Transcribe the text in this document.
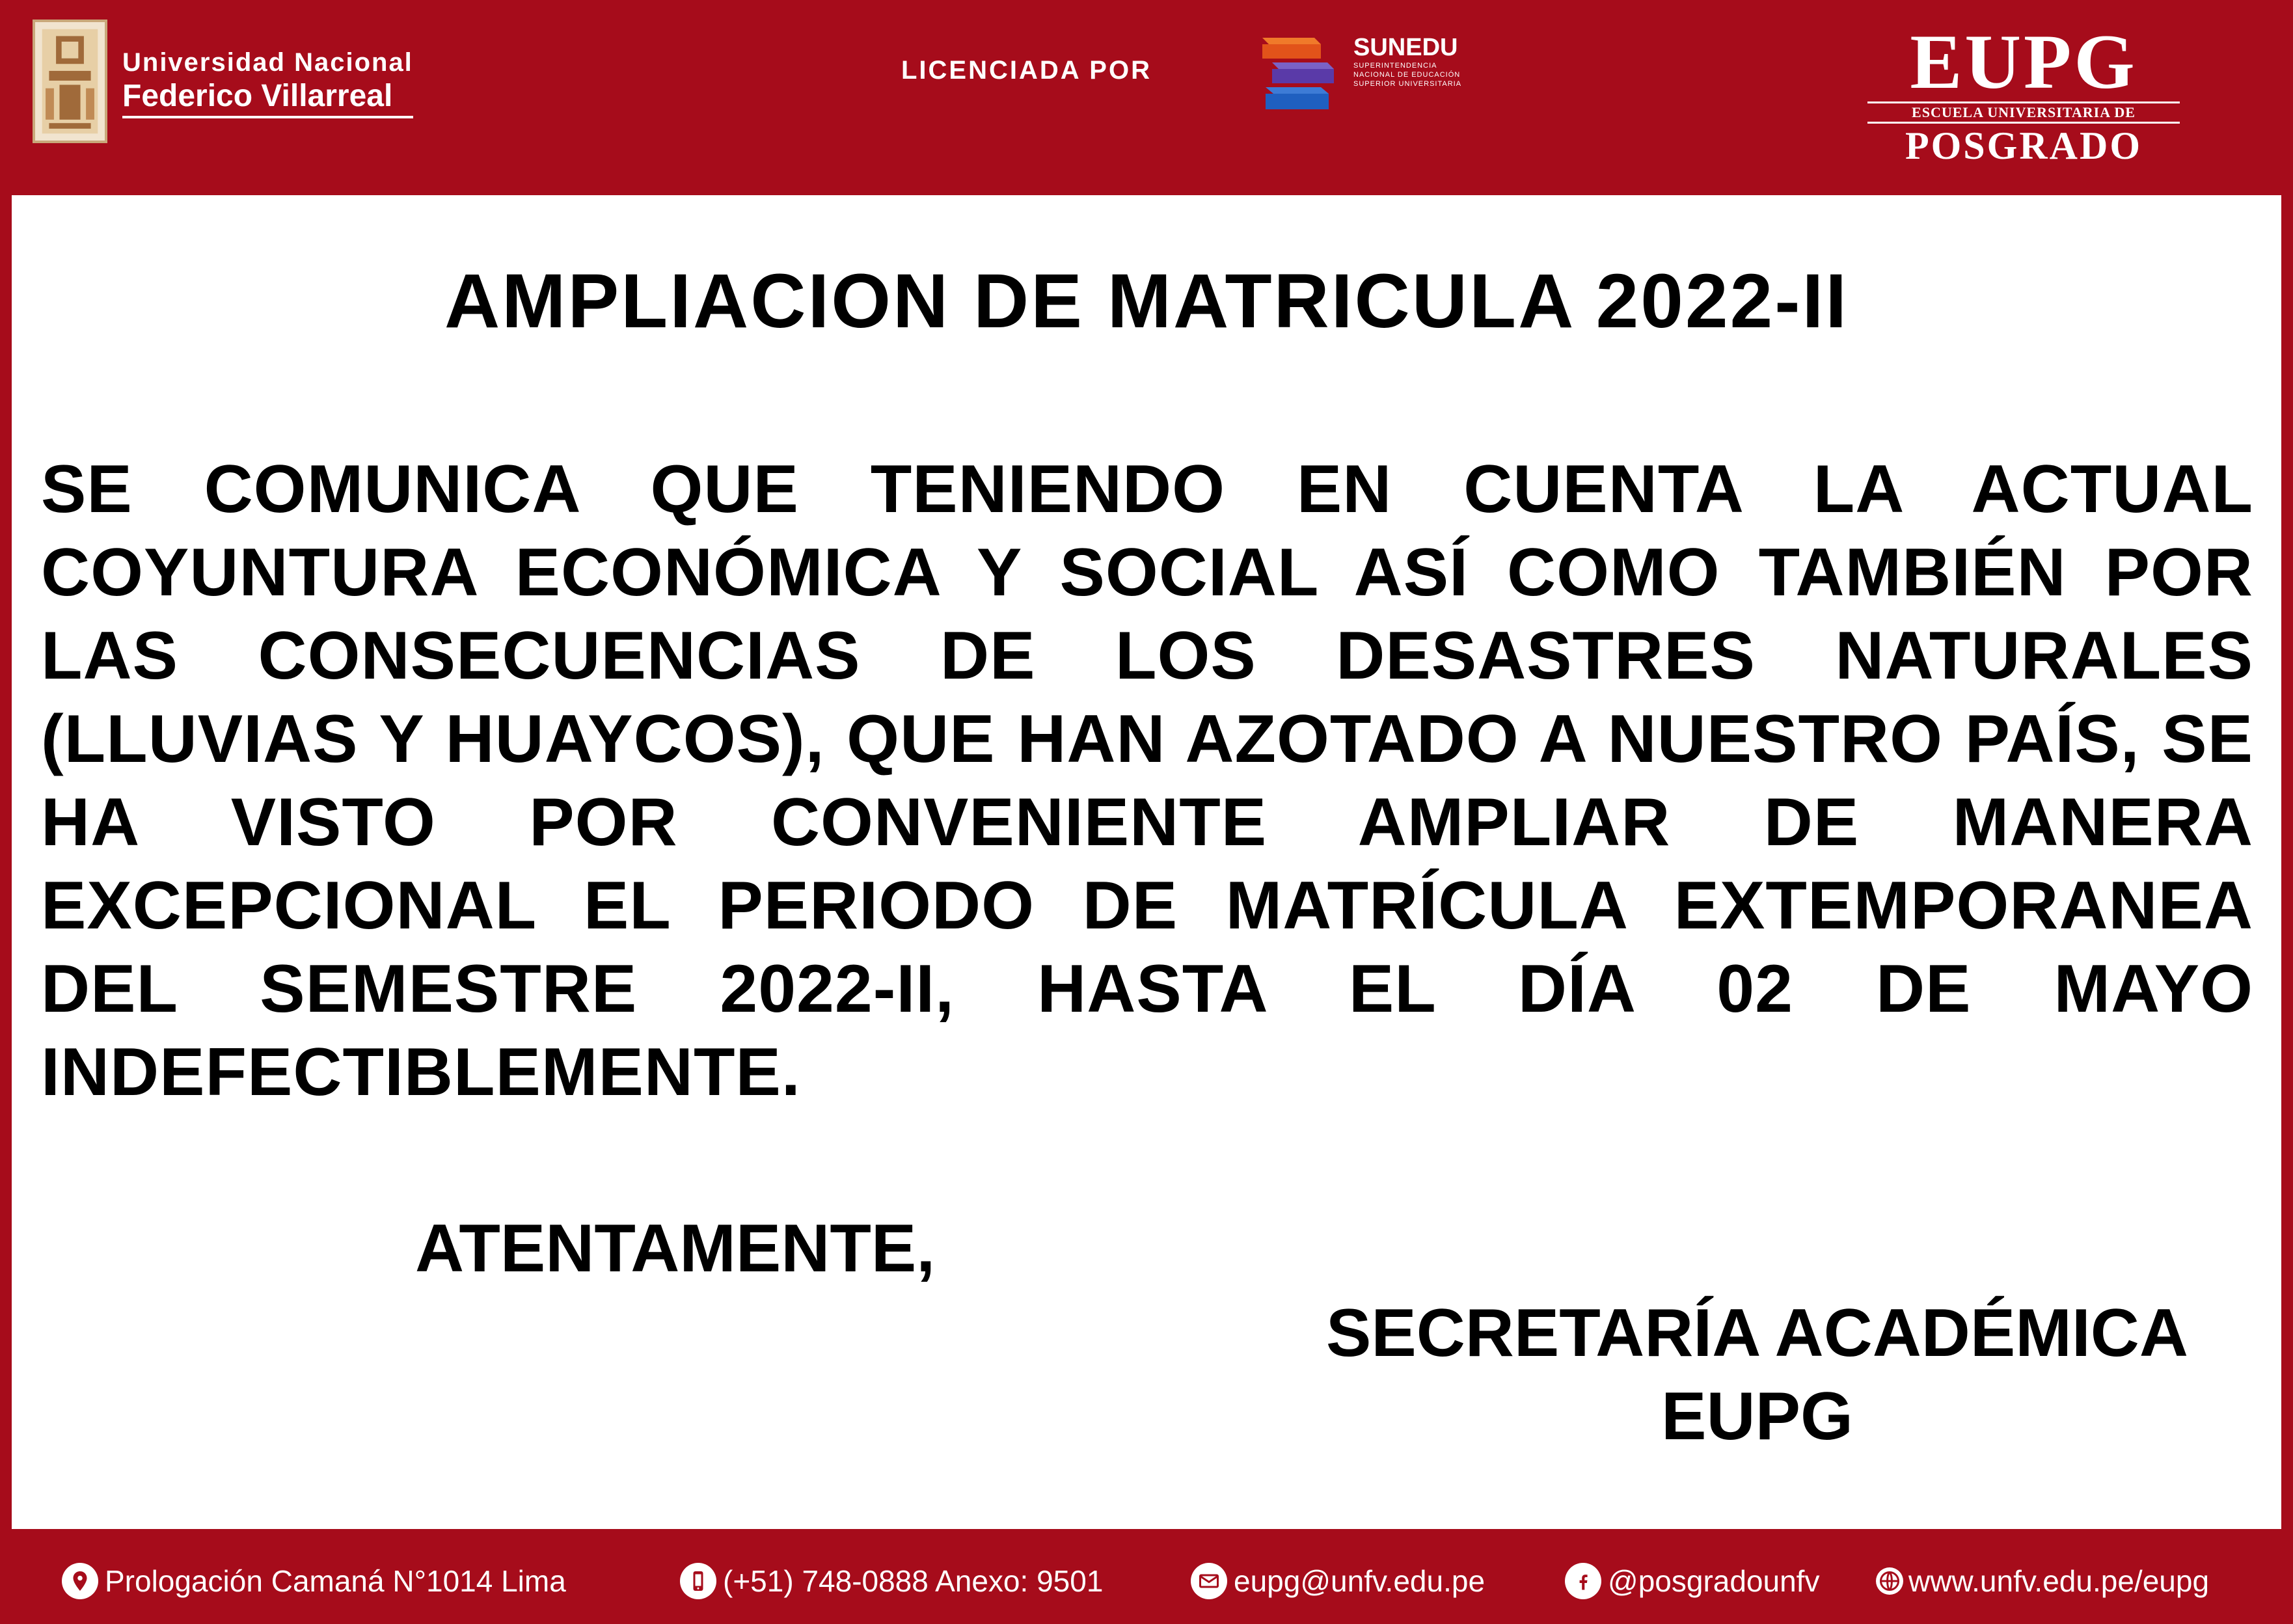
Universidad Nacional
Federico Villarreal
LICENCIADA POR
SUNEDU
SUPERINTENDENCIA
NACIONAL DE EDUCACIÓN
SUPERIOR UNIVERSITARIA	EUPG
ESCUELA UNIVERSITARIA DE
POSGRADO
AMPLIACION DE MATRICULA 2022-II
SE COMUNICA QUE TENIENDO EN CUENTA LA ACTUAL COYUNTURA ECONÓMICA Y SOCIAL ASÍ COMO TAMBIÉN POR LAS CONSECUENCIAS DE LOS DESASTRES NATURALES (LLUVIAS Y HUAYCOS), QUE HAN AZOTADO A NUESTRO PAÍS, SE HA VISTO POR CONVENIENTE AMPLIAR DE MANERA EXCEPCIONAL EL PERIODO DE MATRÍCULA EXTEMPORANEA DEL SEMESTRE 2022-II, HASTA EL DÍA 02 DE MAYO INDEFECTIBLEMENTE.
ATENTAMENTE,
SECRETARÍA ACADÉMICA
EUPG
Prologación Camaná N°1014 Lima	(+51) 748-0888 Anexo: 9501	eupg@unfv.edu.pe	@posgradounfv	www.unfv.edu.pe/eupg
